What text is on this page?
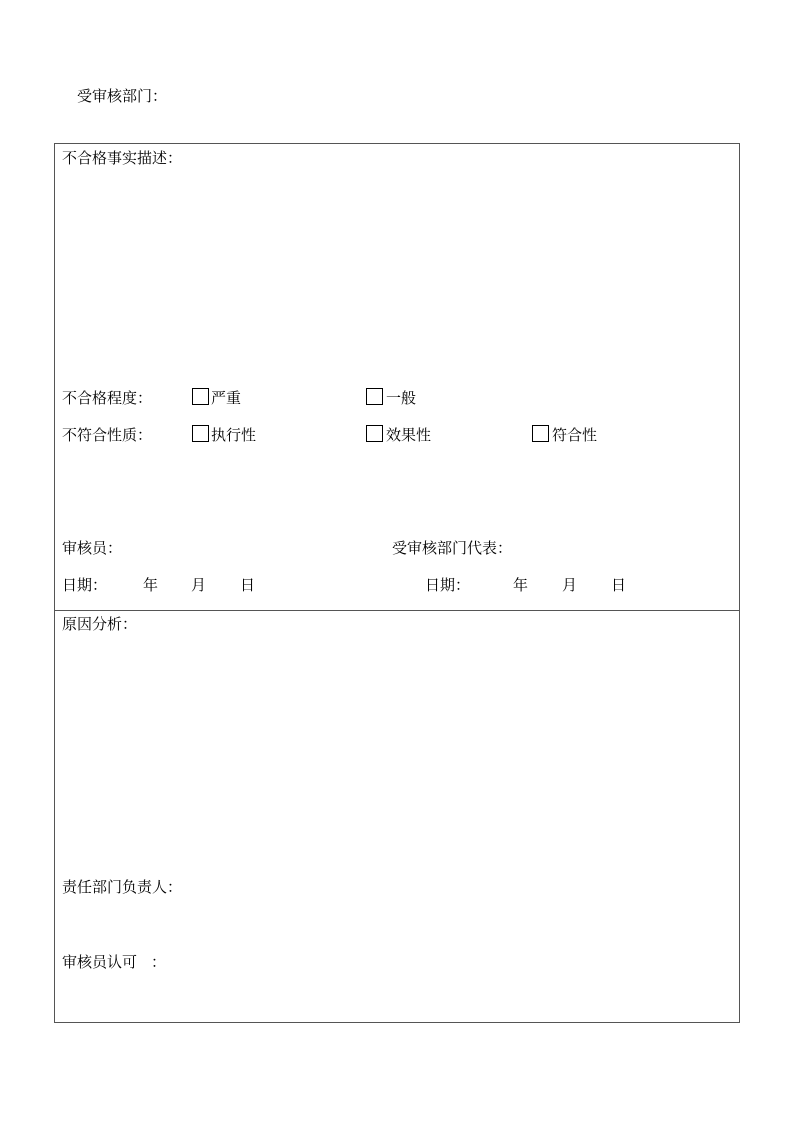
受审核部门：
不合格事实描述：
不合格程度：	严重	一般
不符合性质：	执行性	效果性	符合性
审核员：	受审核部门代表：
日期： 年 月 日	日期：	年 月 日
原因分析：
责任部门负责人：
审核员认可 ：
